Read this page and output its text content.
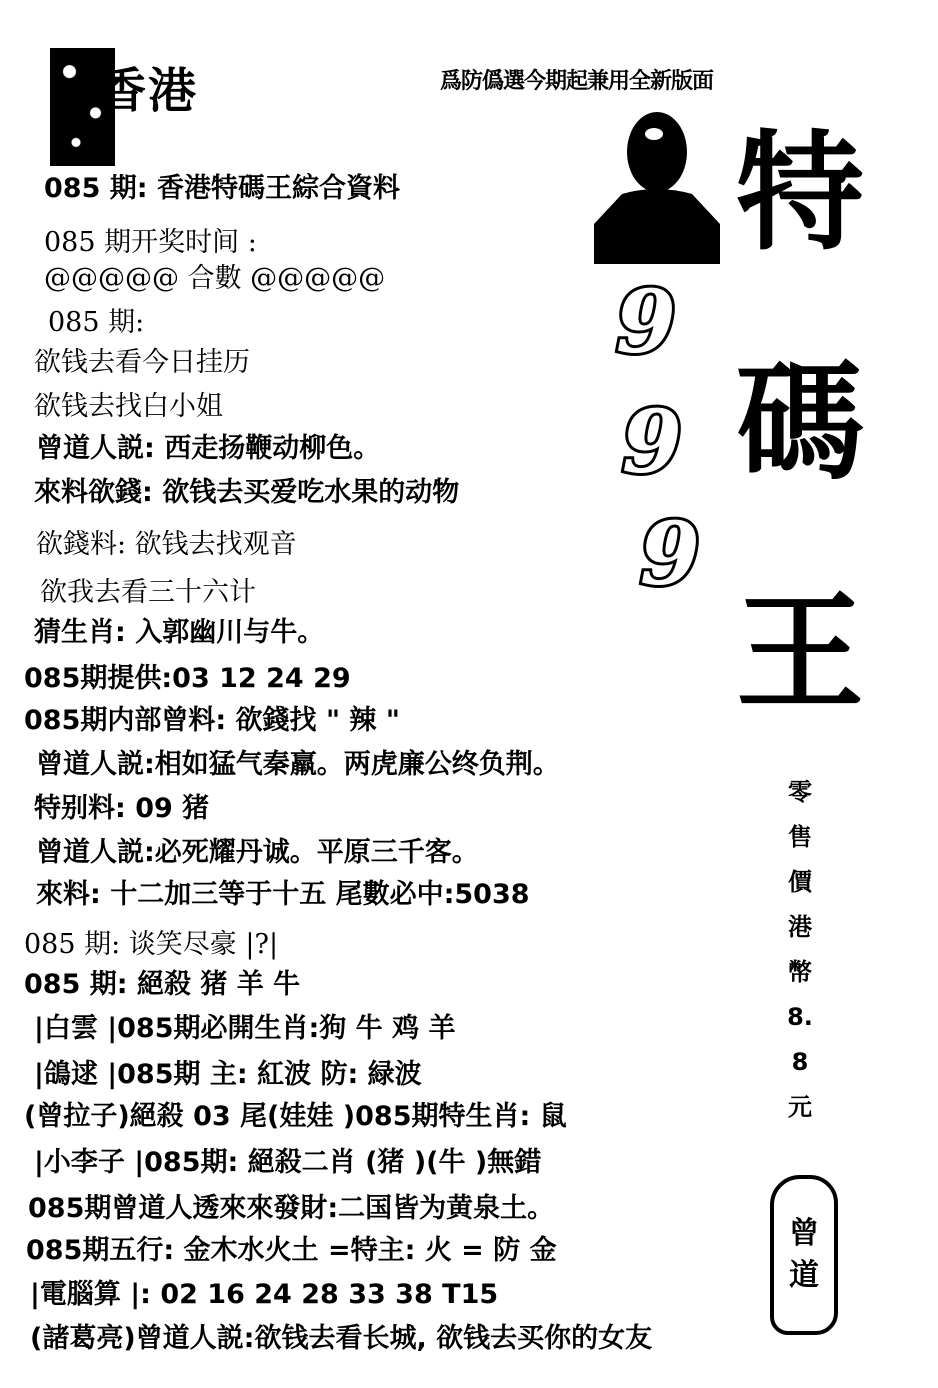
香港	爲防僞選今期起兼用全新版面
085 期: 香港特碼王綜合資料
085 期开奖时间 :
@@@@@ 合數 @@@@@
085 期:
欲钱去看今日挂历
欲钱去找白小姐
曾道人説: 西走扬鞭动柳色。
來料欲錢: 欲钱去买爱吃水果的动物
欲錢料: 欲钱去找观音
欲我去看三十六计
猜生肖: 入郭幽川与牛。
085期提供:03 12 24 29
085期内部曾料: 欲錢找 " 辣 "
曾道人説:相如猛气秦羸。两虎廉公终负荆。
特别料: 09 猪
曾道人説:必死耀丹诚。平原三千客。
來料: 十二加三等于十五 尾數必中:5038
085 期: 谈笑尽豪 |?|
085 期: 絕殺 猪 羊 牛
|白雲 |085期必開生肖:狗 牛 鸡 羊
|鴿逑 |085期 主: 紅波 防: 緑波
(曾拉子)絕殺 03 尾(娃娃 )085期特生肖: 鼠
|小李子 |085期: 絕殺二肖 (猪 )(牛 )無錯
085期曾道人透來來發財:二国皆为黄泉土。
085期五行: 金木水火土 =特主: 火 = 防 金
|電腦算 |: 02 16 24 28 33 38 T15
(諸葛亮)曾道人説:欲钱去看长城, 欲钱去买你的女友
曾道人玉照
9
9
9
特
碼
王
零售價港幣8.8元
曾
道
